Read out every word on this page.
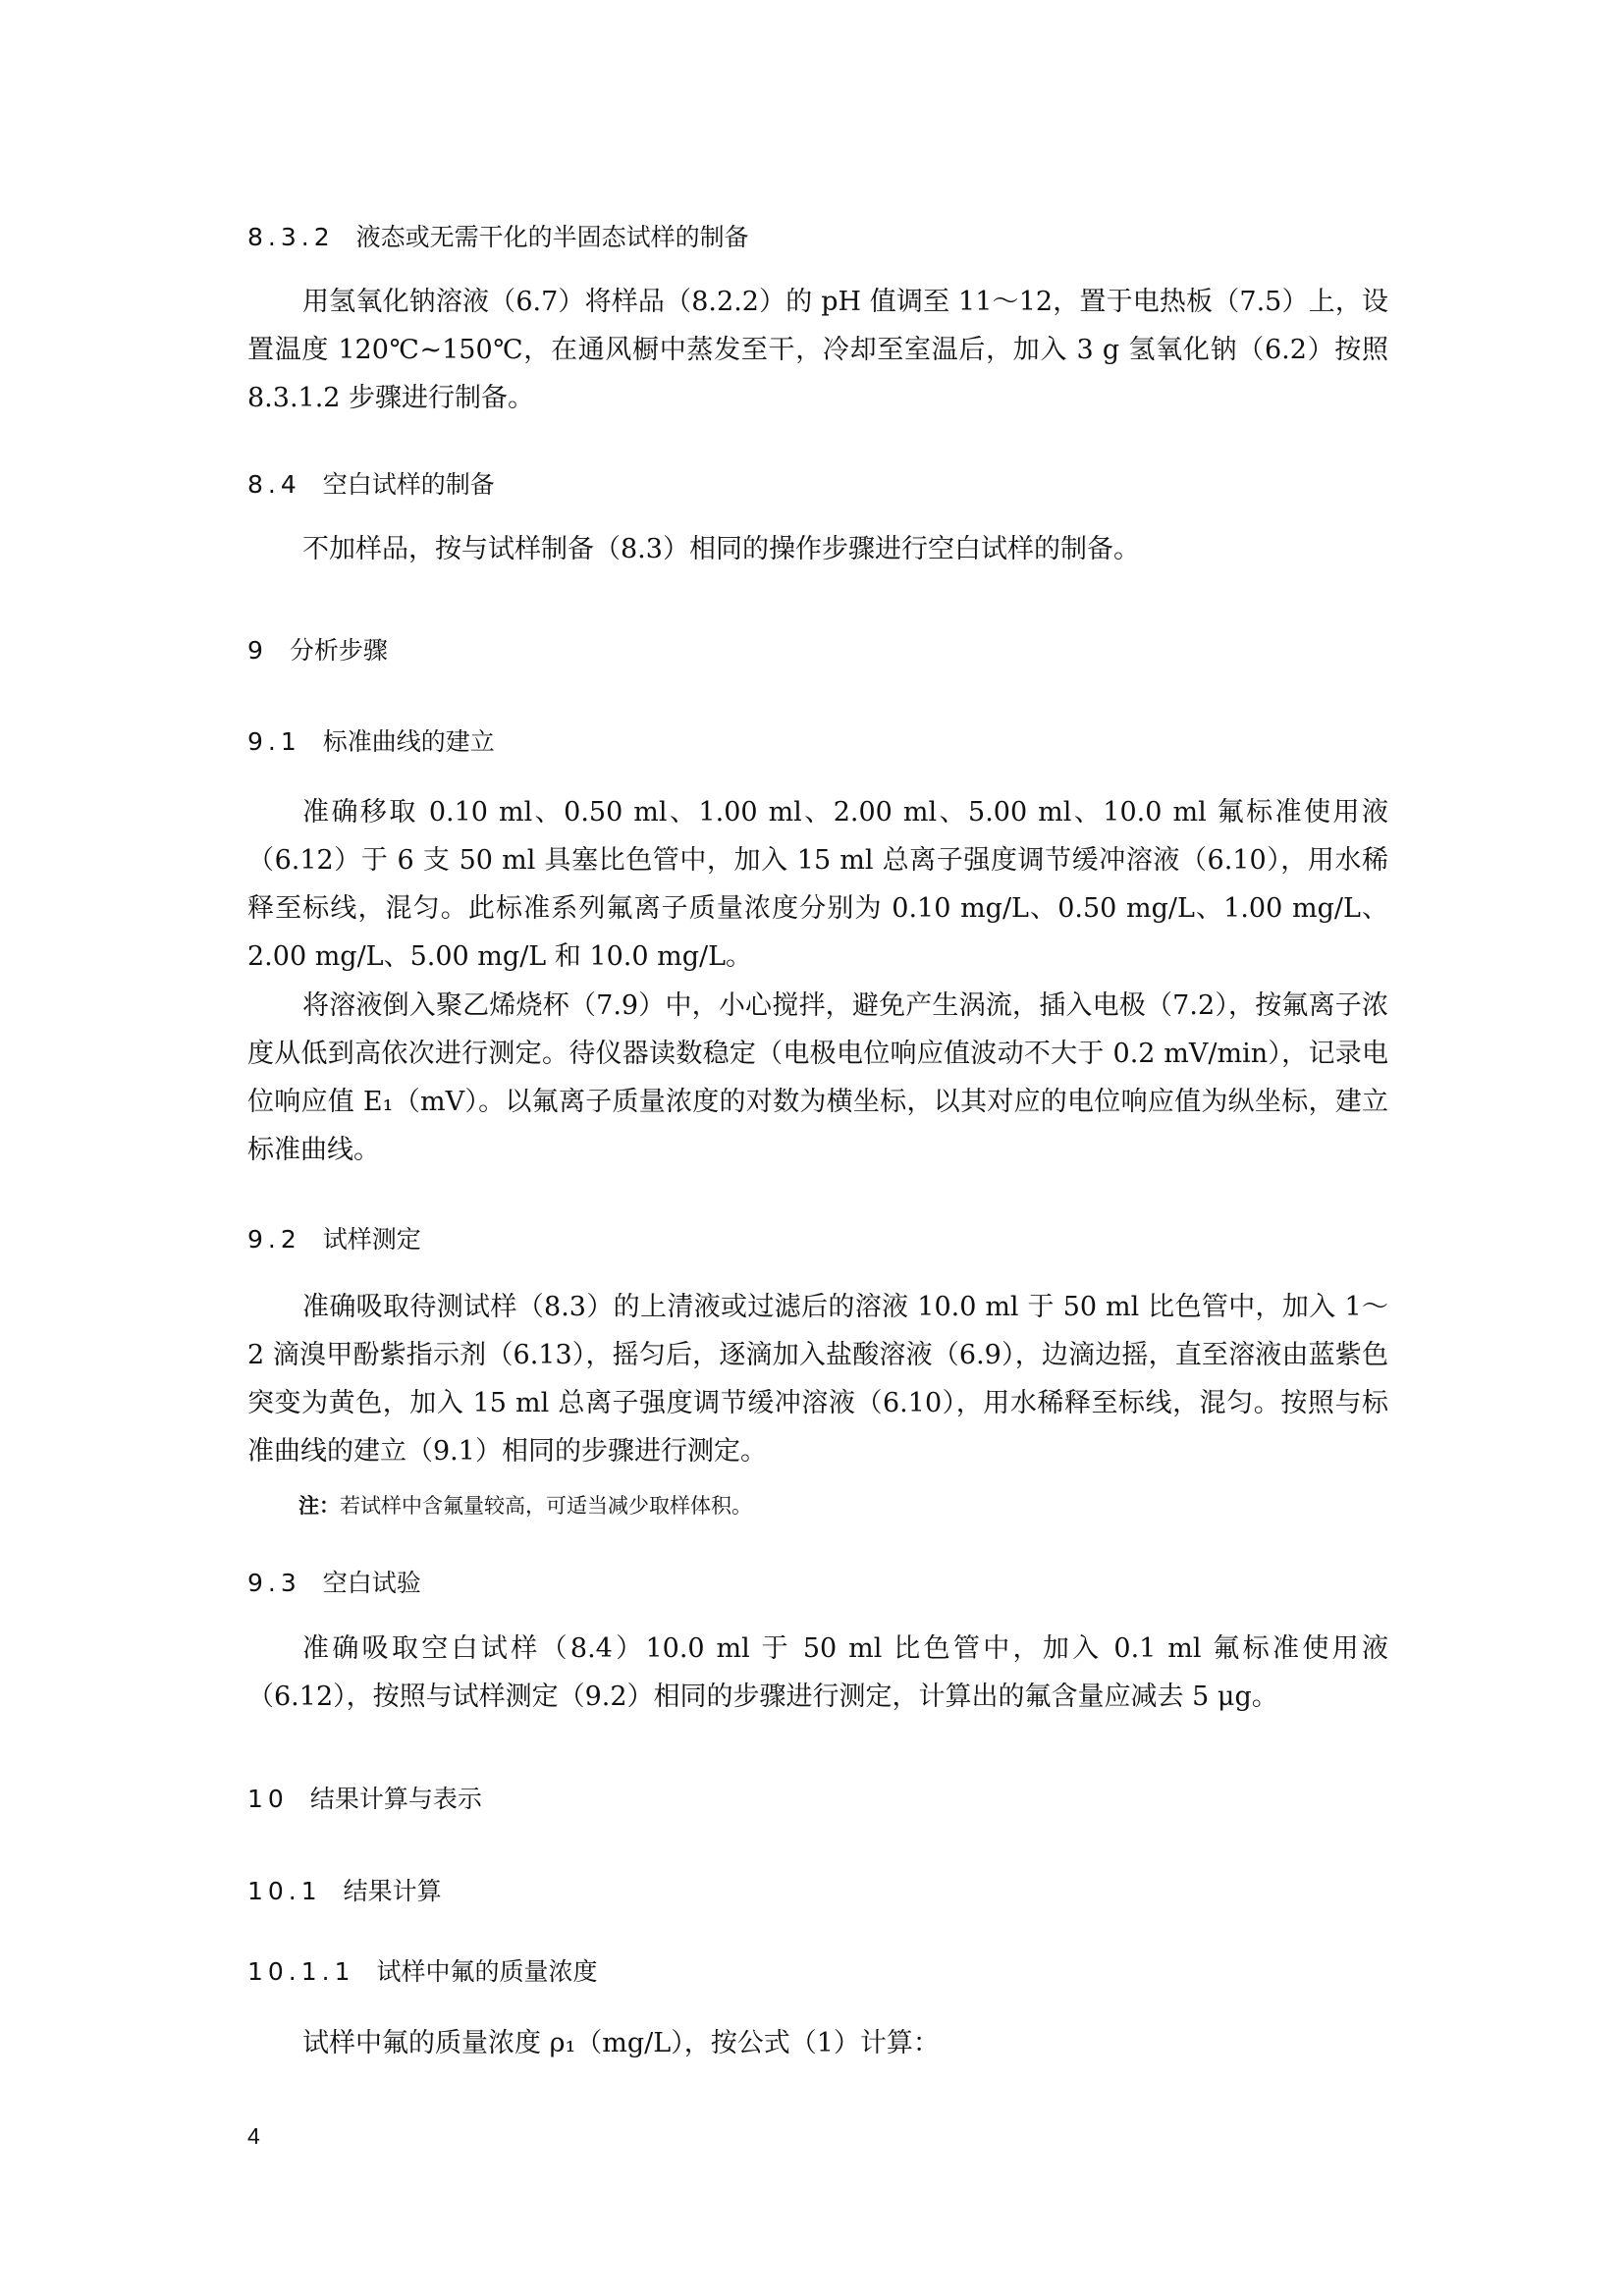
8.3.2 液态或无需干化的半固态试样的制备

用氢氧化钠溶液（6.7）将样品（8.2.2）的 pH 值调至 11～12，置于电热板（7.5）上，设置温度 120℃~150℃，在通风橱中蒸发至干，冷却至室温后，加入 3 g 氢氧化钠（6.2）按照 8.3.1.2 步骤进行制备。

8.4 空白试样的制备

不加样品，按与试样制备（8.3）相同的操作步骤进行空白试样的制备。

9 分析步骤
9.1 标准曲线的建立

准确移取 0.10 ml、0.50 ml、1.00 ml、2.00 ml、5.00 ml、10.0 ml 氟标准使用液（6.12）于 6 支 50 ml 具塞比色管中，加入 15 ml 总离子强度调节缓冲溶液（6.10），用水稀释至标线，混匀。此标准系列氟离子质量浓度分别为 0.10 mg/L、0.50 mg/L、1.00 mg/L、2.00 mg/L、5.00 mg/L 和 10.0 mg/L。

将溶液倒入聚乙烯烧杯（7.9）中，小心搅拌，避免产生涡流，插入电极（7.2），按氟离子浓度从低到高依次进行测定。待仪器读数稳定（电极电位响应值波动不大于 0.2 mV/min），记录电位响应值 E₁（mV）。以氟离子质量浓度的对数为横坐标，以其对应的电位响应值为纵坐标，建立标准曲线。

9.2 试样测定

准确吸取待测试样（8.3）的上清液或过滤后的溶液 10.0 ml 于 50 ml 比色管中，加入 1～2 滴溴甲酚紫指示剂（6.13），摇匀后，逐滴加入盐酸溶液（6.9），边滴边摇，直至溶液由蓝紫色突变为黄色，加入 15 ml 总离子强度调节缓冲溶液（6.10），用水稀释至标线，混匀。按照与标准曲线的建立（9.1）相同的步骤进行测定。

注：若试样中含氟量较高，可适当减少取样体积。
9.3 空白试验

准确吸取空白试样（8.4）10.0 ml 于 50 ml 比色管中，加入 0.1 ml 氟标准使用液（6.12），按照与试样测定（9.2）相同的步骤进行测定，计算出的氟含量应减去 5 μg。

10 结果计算与表示
10.1 结果计算
10.1.1 试样中氟的质量浓度

试样中氟的质量浓度 ρ₁（mg/L），按公式（1）计算：

4
